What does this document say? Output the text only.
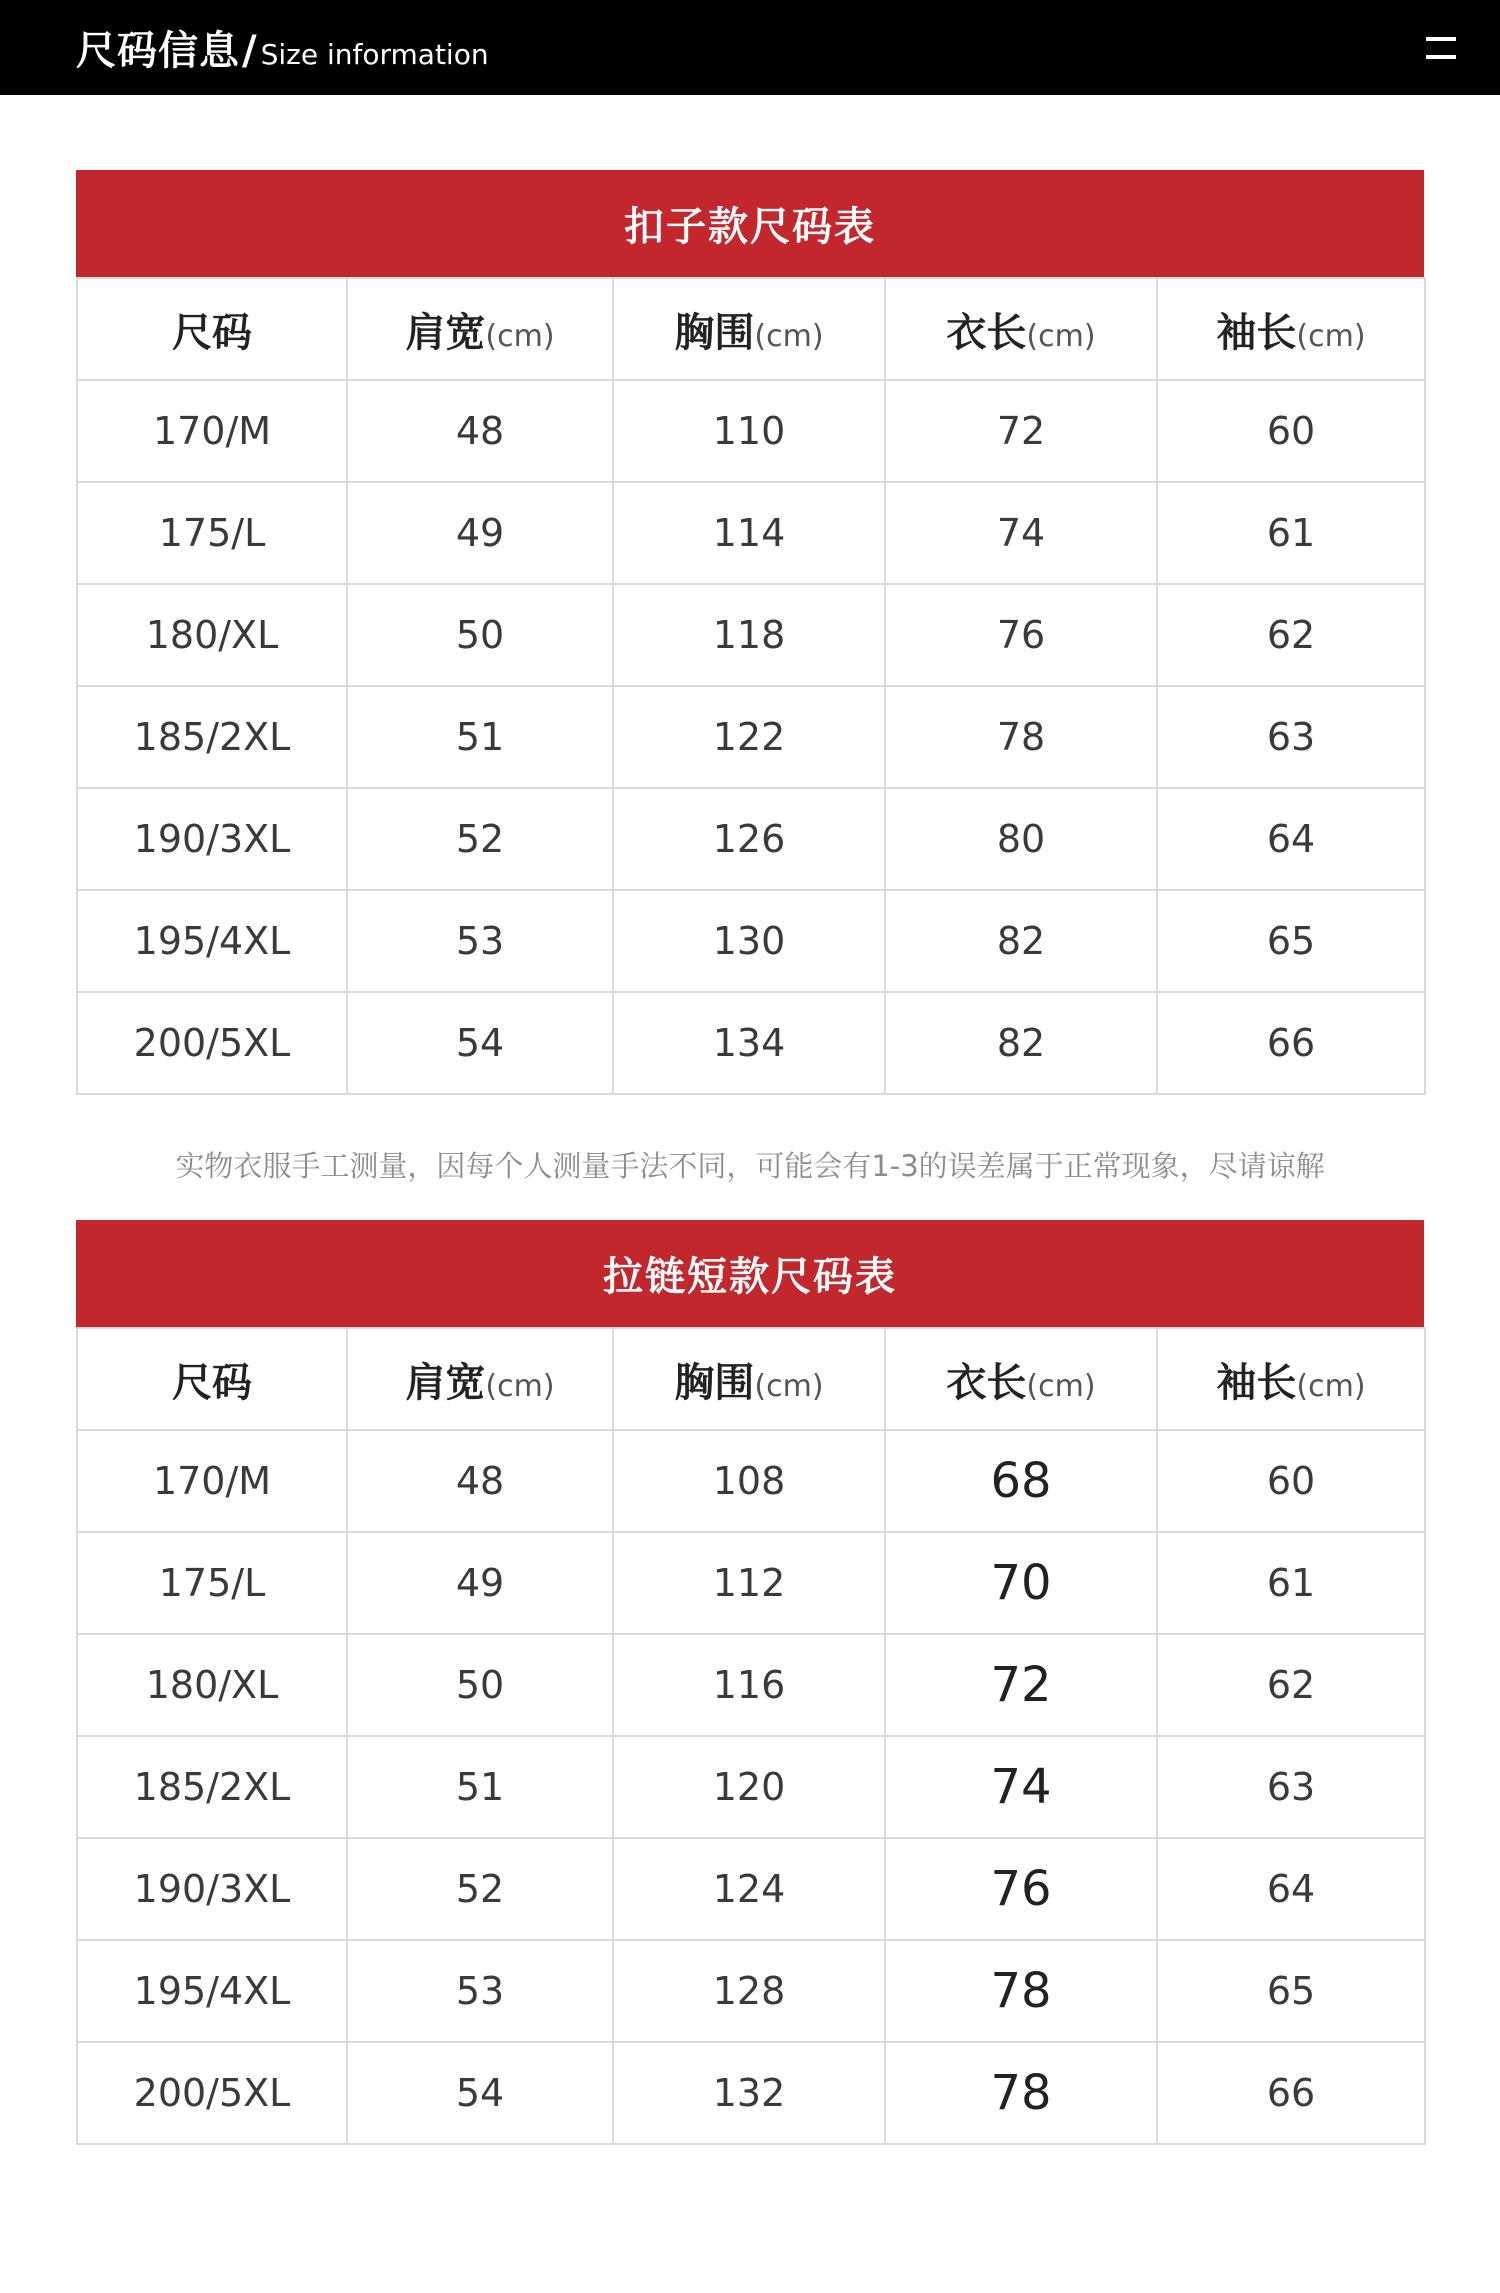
尺码信息 / Size information
扣子款尺码表
尺码	肩宽(cm)	胸围(cm)	衣长(cm)	袖长(cm)
170/M	48	110	72	60
175/L	49	114	74	61
180/XL	50	118	76	62
185/2XL	51	122	78	63
190/3XL	52	126	80	64
195/4XL	53	130	82	65
200/5XL	54	134	82	66
实物衣服手工测量，因每个人测量手法不同，可能会有1-3的误差属于正常现象，尽请谅解
拉链短款尺码表
尺码	肩宽(cm)	胸围(cm)	衣长(cm)	袖长(cm)
170/M	48	108	68	60
175/L	49	112	70	61
180/XL	50	116	72	62
185/2XL	51	120	74	63
190/3XL	52	124	76	64
195/4XL	53	128	78	65
200/5XL	54	132	78	66
